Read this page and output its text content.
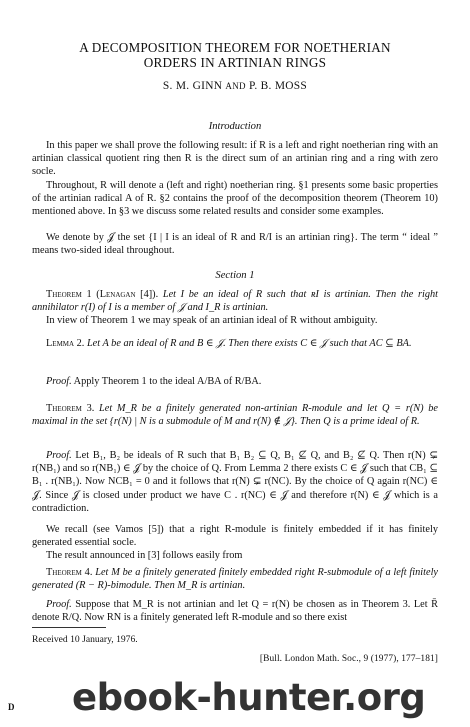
A DECOMPOSITION THEOREM FOR NOETHERIAN
ORDERS IN ARTINIAN RINGS
S. M. GINN AND P. B. MOSS
Introduction
In this paper we shall prove the following result: if R is a left and right noetherian ring with an artinian classical quotient ring then R is the direct sum of an artinian ring and a ring with zero socle.
Throughout, R will denote a (left and right) noetherian ring. §1 presents some basic properties of the artinian radical A of R. §2 contains the proof of the decomposition theorem (Theorem 10) mentioned above. In §3 we discuss some related results and consider some examples.
We denote by 𝒥 the set {I | I is an ideal of R and R/I is an artinian ring}. The term “ ideal ” means two-sided ideal throughout.
Section 1
Theorem 1 (Lenagan [4]). Let I be an ideal of R such that ʀI is artinian. Then the right annihilator r(I) of I is a member of 𝒥 and I_R is artinian.
In view of Theorem 1 we may speak of an artinian ideal of R without ambiguity.
Lemma 2. Let A be an ideal of R and B ∈ 𝒥. Then there exists C ∈ 𝒥 such that AC ⊆ BA.
Proof. Apply Theorem 1 to the ideal A/BA of R/BA.
Theorem 3. Let M_R be a finitely generated non-artinian R-module and let Q = r(N) be maximal in the set {r(N) | N is a submodule of M and r(N) ∉ 𝒥}. Then Q is a prime ideal of R.
Proof. Let B₁, B₂ be ideals of R such that B₁ B₂ ⊆ Q, B₁ ⊈ Q, and B₂ ⊈ Q. Then r(N) ⊊ r(NB₁) and so r(NB₁) ∈ 𝒥 by the choice of Q. From Lemma 2 there exists C ∈ 𝒥 such that CB₁ ⊆ B₁ . r(NB₁). Now NCB₁ = 0 and it follows that r(N) ⊊ r(NC). By the choice of Q again r(NC) ∈ 𝒥. Since 𝒥 is closed under product we have C . r(NC) ∈ 𝒥 and therefore r(N) ∈ 𝒥 which is a contradiction.
We recall (see Vamos [5]) that a right R-module is finitely embedded if it has finitely generated essential socle.
The result announced in [3] follows easily from
Theorem 4. Let M be a finitely generated finitely embedded right R-submodule of a left finitely generated (R − R)-bimodule. Then M_R is artinian.
Proof. Suppose that M_R is not artinian and let Q = r(N) be chosen as in Theorem 3. Let R̄ denote R/Q. Now RN is a finitely generated left R-module and so there exist
Received 10 January, 1976.
[Bull. London Math. Soc., 9 (1977), 177–181]
D ebook-hunter.org
